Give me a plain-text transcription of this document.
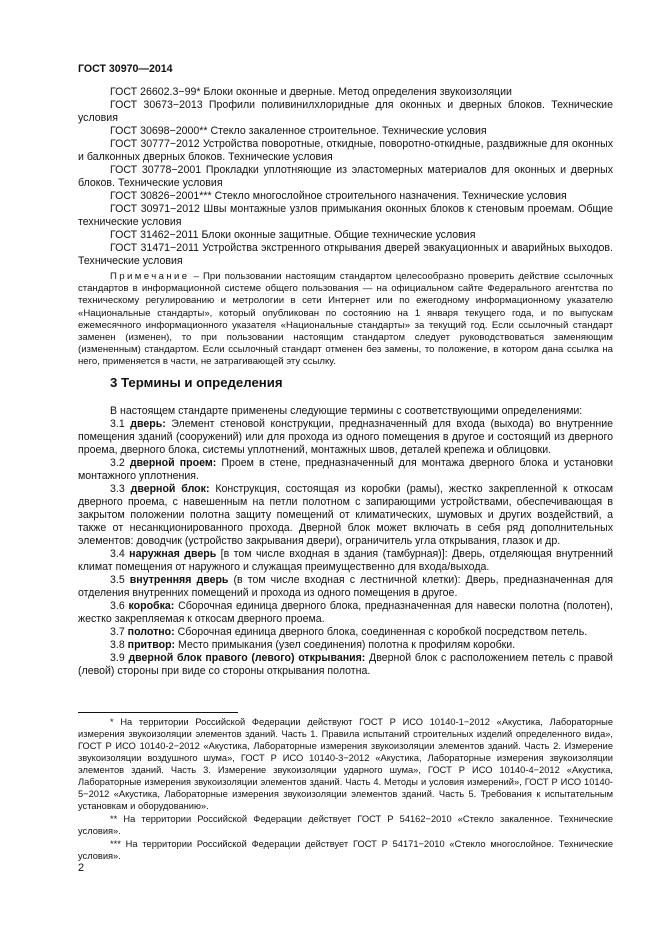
ГОСТ 30970—2014

ГОСТ 26602.3−99* Блоки оконные и дверные. Метод определения звукоизоляции

ГОСТ 30673−2013 Профили поливинилхлоридные для оконных и дверных блоков. Технические условия

ГОСТ 30698−2000** Стекло закаленное строительное. Технические условия

ГОСТ 30777−2012 Устройства поворотные, откидные, поворотно-откидные, раздвижные для оконных и балконных дверных блоков. Технические условия

ГОСТ 30778−2001 Прокладки уплотняющие из эластомерных материалов для оконных и дверных блоков. Технические условия

ГОСТ 30826−2001*** Стекло многослойное строительного назначения. Технические условия

ГОСТ 30971−2012 Швы монтажные узлов примыкания оконных блоков к стеновым проемам. Общие технические условия

ГОСТ 31462−2011 Блоки оконные защитные. Общие технические условия

ГОСТ 31471−2011 Устройства экстренного открывания дверей эвакуационных и аварийных выходов. Технические условия

Примечание – При пользовании настоящим стандартом целесообразно проверить действие ссылочных стандартов в информационной системе общего пользования — на официальном сайте Федерального агентства по техническому регулированию и метрологии в сети Интернет или по ежегодному информационному указателю «Национальные стандарты», который опубликован по состоянию на 1 января текущего года, и по выпускам ежемесячного информационного указателя «Национальные стандарты» за текущий год. Если ссылочный стандарт заменен (изменен), то при пользовании настоящим стандартом следует руководствоваться заменяющим (измененным) стандартом. Если ссылочный стандарт отменен без замены, то положение, в котором дана ссылка на него, применяется в части, не затрагивающей эту ссылку.

3 Термины и определения

В настоящем стандарте применены следующие термины с соответствующими определениями:

3.1 дверь: Элемент стеновой конструкции, предназначенный для входа (выхода) во внутренние помещения зданий (сооружений) или для прохода из одного помещения в другое и состоящий из дверного проема, дверного блока, системы уплотнений, монтажных швов, деталей крепежа и облицовки.

3.2 дверной проем: Проем в стене, предназначенный для монтажа дверного блока и установки монтажного уплотнения.

3.3 дверной блок: Конструкция, состоящая из коробки (рамы), жестко закрепленной к откосам дверного проема, с навешенным на петли полотном с запирающими устройствами, обеспечивающая в закрытом положении полотна защиту помещений от климатических, шумовых и других воздействий, а также от несанкционированного прохода. Дверной блок может включать в себя ряд дополнительных элементов: доводчик (устройство закрывания двери), ограничитель угла открывания, глазок и др.

3.4 наружная дверь [в том числе входная в здания (тамбурная)]: Дверь, отделяющая внутренний климат помещения от наружного и служащая преимущественно для входа/выхода.

3.5 внутренняя дверь (в том числе входная с лестничной клетки): Дверь, предназначенная для отделения внутренних помещений и прохода из одного помещения в другое.

3.6 коробка: Сборочная единица дверного блока, предназначенная для навески полотна (полотен), жестко закрепляемая к откосам дверного проема.

3.7 полотно: Сборочная единица дверного блока, соединенная с коробкой посредством петель.

3.8 притвор: Место примыкания (узел соединения) полотна к профилям коробки.

3.9 дверной блок правого (левого) открывания: Дверной блок с расположением петель с правой (левой) стороны при виде со стороны открывания полотна.

* На территории Российской Федерации действуют ГОСТ Р ИСО 10140-1−2012 «Акустика, Лабораторные измерения звукоизоляции элементов зданий. Часть 1. Правила испытаний строительных изделий определенного вида», ГОСТ Р ИСО 10140-2−2012 «Акустика, Лабораторные измерения звукоизоляции элементов зданий. Часть 2. Измерение звукоизоляции воздушного шума», ГОСТ Р ИСО 10140-3−2012 «Акустика, Лабораторные измерения звукоизоляции элементов зданий. Часть 3. Измерение звукоизоляции ударного шума», ГОСТ Р ИСО 10140-4−2012 «Акустика, Лабораторные измерения звукоизоляции элементов зданий. Часть 4. Методы и условия измерений», ГОСТ Р ИСО 10140-5−2012 «Акустика, Лабораторные измерения звукоизоляции элементов зданий. Часть 5. Требования к испытательным установкам и оборудованию».

** На территории Российской Федерации действует ГОСТ Р 54162−2010 «Стекло закаленное. Технические условия».

*** На территории Российской Федерации действует ГОСТ Р 54171−2010 «Стекло многослойное. Технические условия».

2
